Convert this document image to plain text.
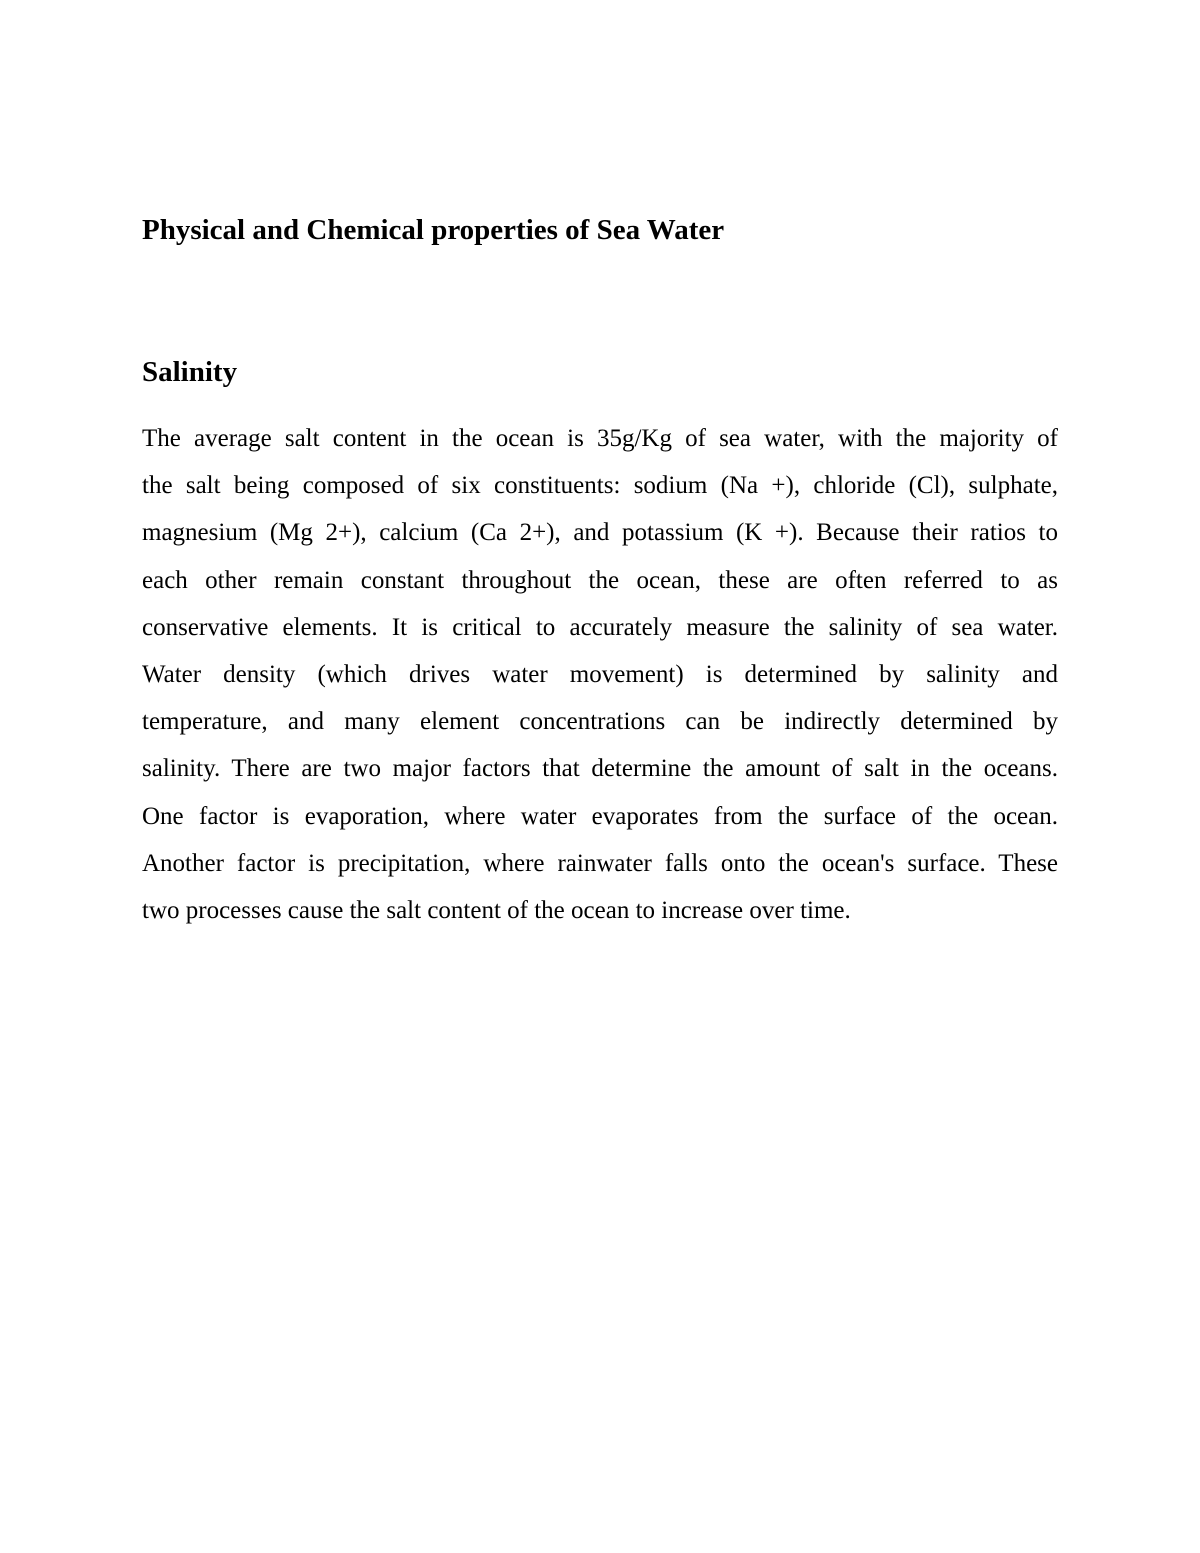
Physical and Chemical properties of Sea Water
Salinity
The average salt content in the ocean is 35g/Kg of sea water, with the majority of
the salt being composed of six constituents: sodium (Na +), chloride (Cl), sulphate,
magnesium (Mg 2+), calcium (Ca 2+), and potassium (K +). Because their ratios to
each other remain constant throughout the ocean, these are often referred to as
conservative elements. It is critical to accurately measure the salinity of sea water.
Water density (which drives water movement) is determined by salinity and
temperature, and many element concentrations can be indirectly determined by
salinity. There are two major factors that determine the amount of salt in the oceans.
One factor is evaporation, where water evaporates from the surface of the ocean.
Another factor is precipitation, where rainwater falls onto the ocean's surface. These
two processes cause the salt content of the ocean to increase over time.
